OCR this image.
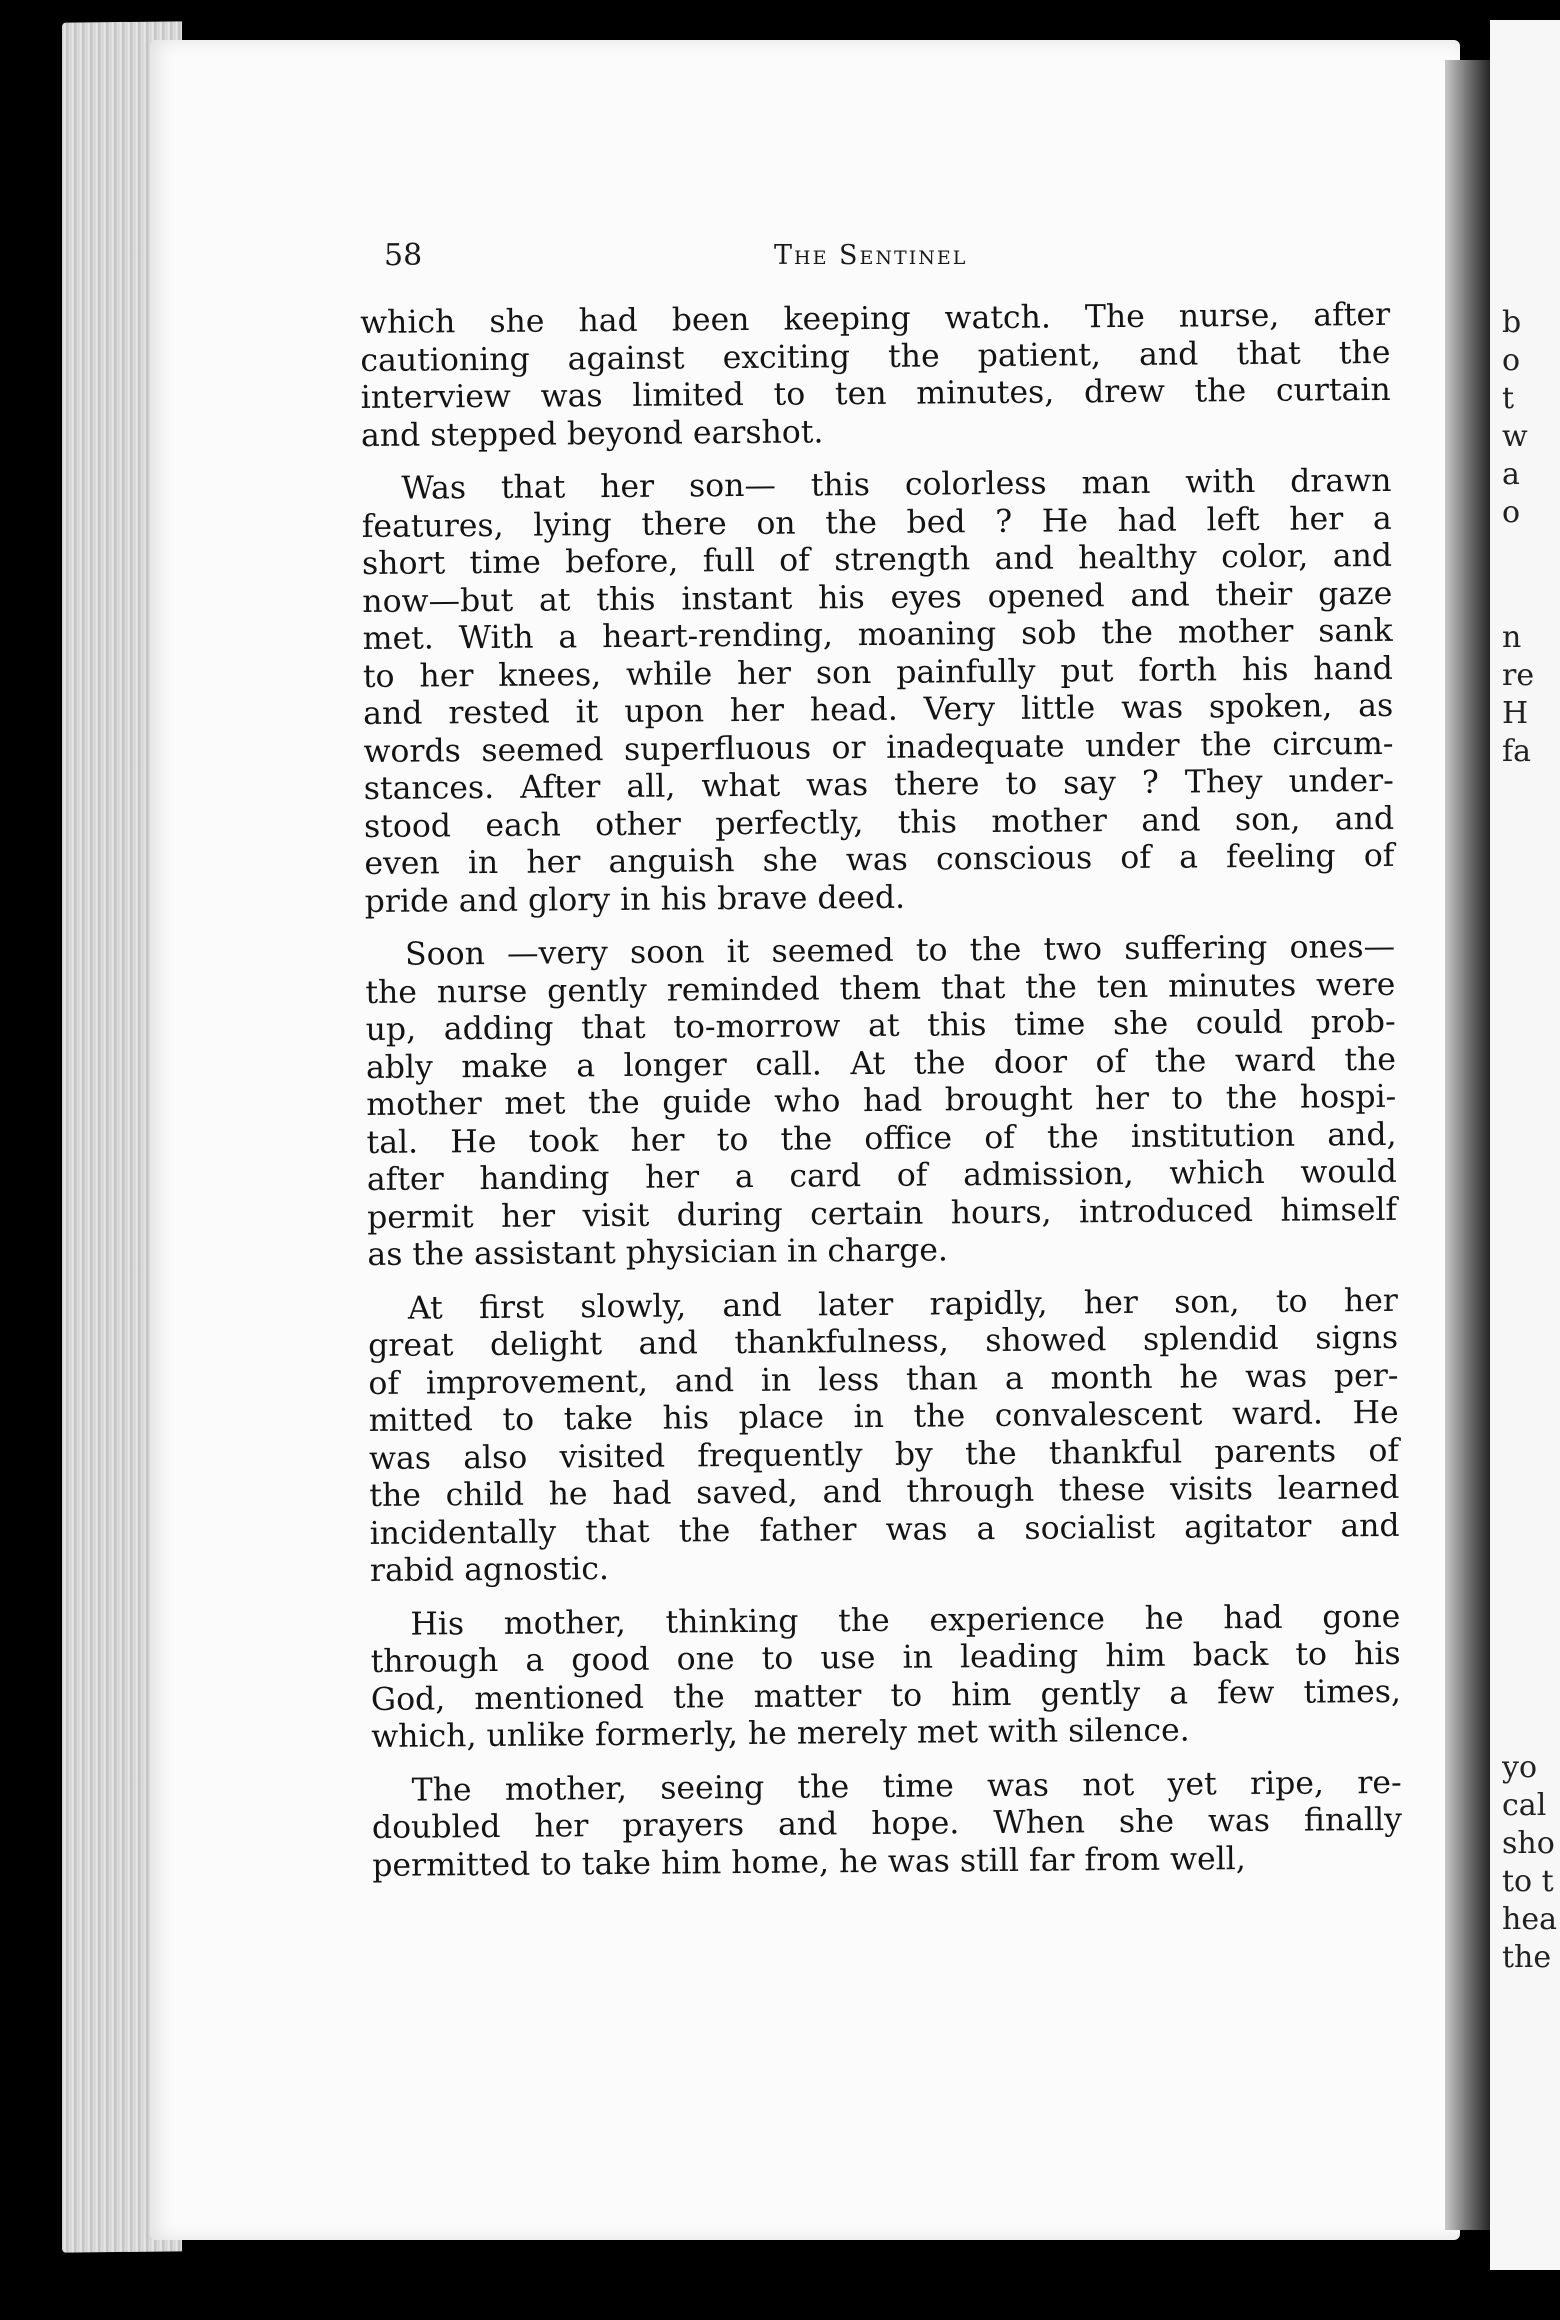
b
o
t
w
a
o
n
re
H
fa
yo
cal
sho
to t
hea
the
58	The Sentinel
which she had been keeping watch. The nurse, after
cautioning against exciting the patient, and that the
interview was limited to ten minutes, drew the curtain
and stepped beyond earshot.
Was that her son— this colorless man with drawn
features, lying there on the bed ? He had left her a
short time before, full of strength and healthy color, and
now—but at this instant his eyes opened and their gaze
met. With a heart-rending, moaning sob the mother sank
to her knees, while her son painfully put forth his hand
and rested it upon her head. Very little was spoken, as
words seemed superfluous or inadequate under the circum-
stances. After all, what was there to say ? They under-
stood each other perfectly, this mother and son, and
even in her anguish she was conscious of a feeling of
pride and glory in his brave deed.
Soon —very soon it seemed to the two suffering ones—
the nurse gently reminded them that the ten minutes were
up, adding that to-morrow at this time she could prob-
ably make a longer call. At the door of the ward the
mother met the guide who had brought her to the hospi-
tal. He took her to the office of the institution and,
after handing her a card of admission, which would
permit her visit during certain hours, introduced himself
as the assistant physician in charge.
At first slowly, and later rapidly, her son, to her
great delight and thankfulness, showed splendid signs
of improvement, and in less than a month he was per-
mitted to take his place in the convalescent ward. He
was also visited frequently by the thankful parents of
the child he had saved, and through these visits learned
incidentally that the father was a socialist agitator and
rabid agnostic.
His mother, thinking the experience he had gone
through a good one to use in leading him back to his
God, mentioned the matter to him gently a few times,
which, unlike formerly, he merely met with silence.
The mother, seeing the time was not yet ripe, re-
doubled her prayers and hope. When she was finally
permitted to take him home, he was still far from well,
